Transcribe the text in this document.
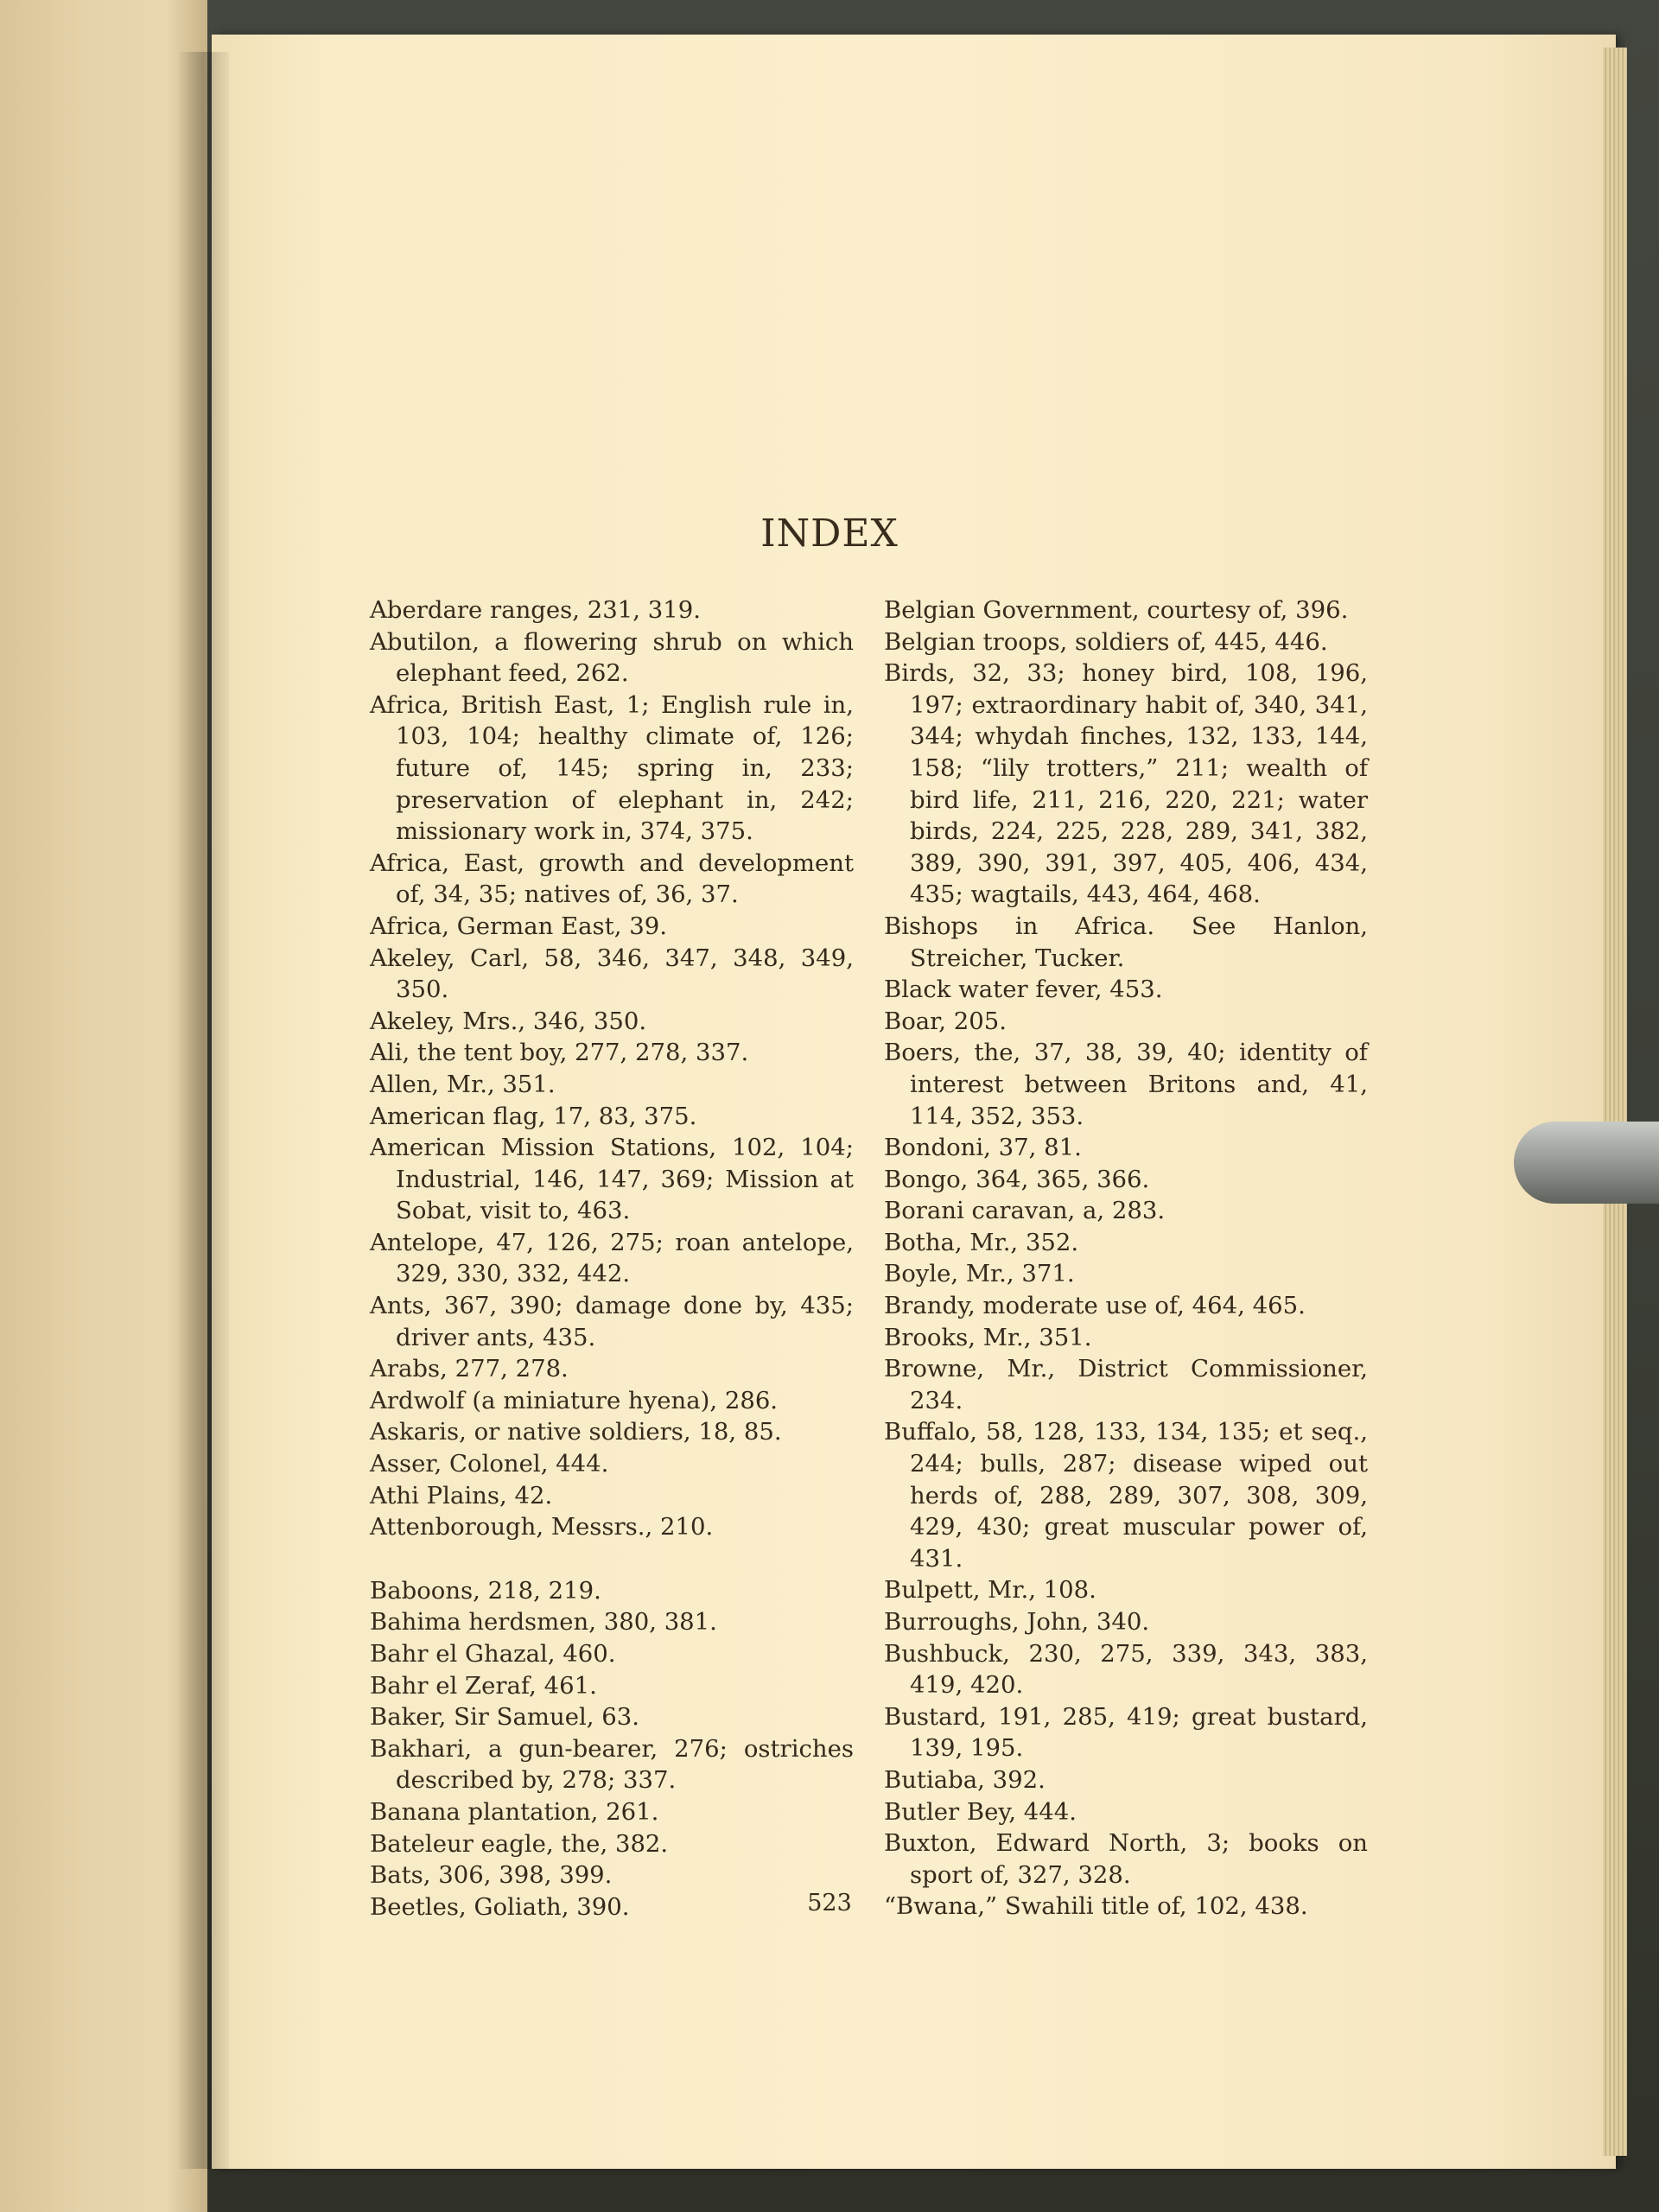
INDEX

Aberdare ranges, 231, 319.

Abutilon, a flowering shrub on which elephant feed, 262.

Africa, British East, 1; English rule in, 103, 104; healthy climate of, 126; future of, 145; spring in, 233; preservation of elephant in, 242; missionary work in, 374, 375.

Africa, East, growth and development of, 34, 35; natives of, 36, 37.

Africa, German East, 39.

Akeley, Carl, 58, 346, 347, 348, 349, 350.

Akeley, Mrs., 346, 350.

Ali, the tent boy, 277, 278, 337.

Allen, Mr., 351.

American flag, 17, 83, 375.

American Mission Stations, 102, 104; Industrial, 146, 147, 369; Mission at Sobat, visit to, 463.

Antelope, 47, 126, 275; roan antelope, 329, 330, 332, 442.

Ants, 367, 390; damage done by, 435; driver ants, 435.

Arabs, 277, 278.

Ardwolf (a miniature hyena), 286.

Askaris, or native soldiers, 18, 85.

Asser, Colonel, 444.

Athi Plains, 42.

Attenborough, Messrs., 210.

Baboons, 218, 219.

Bahima herdsmen, 380, 381.

Bahr el Ghazal, 460.

Bahr el Zeraf, 461.

Baker, Sir Samuel, 63.

Bakhari, a gun-bearer, 276; ostriches described by, 278; 337.

Banana plantation, 261.

Bateleur eagle, the, 382.

Bats, 306, 398, 399.

Beetles, Goliath, 390.

Belgian Government, courtesy of, 396.

Belgian troops, soldiers of, 445, 446.

Birds, 32, 33; honey bird, 108, 196, 197; extraordinary habit of, 340, 341, 344; whydah finches, 132, 133, 144, 158; “lily trotters,” 211; wealth of bird life, 211, 216, 220, 221; water birds, 224, 225, 228, 289, 341, 382, 389, 390, 391, 397, 405, 406, 434, 435; wagtails, 443, 464, 468.

Bishops in Africa. See Hanlon, Streicher, Tucker.

Black water fever, 453.

Boar, 205.

Boers, the, 37, 38, 39, 40; identity of interest between Britons and, 41, 114, 352, 353.

Bondoni, 37, 81.

Bongo, 364, 365, 366.

Borani caravan, a, 283.

Botha, Mr., 352.

Boyle, Mr., 371.

Brandy, moderate use of, 464, 465.

Brooks, Mr., 351.

Browne, Mr., District Commissioner, 234.

Buffalo, 58, 128, 133, 134, 135; et seq., 244; bulls, 287; disease wiped out herds of, 288, 289, 307, 308, 309, 429, 430; great muscular power of, 431.

Bulpett, Mr., 108.

Burroughs, John, 340.

Bushbuck, 230, 275, 339, 343, 383, 419, 420.

Bustard, 191, 285, 419; great bustard, 139, 195.

Butiaba, 392.

Butler Bey, 444.

Buxton, Edward North, 3; books on sport of, 327, 328.

“Bwana,” Swahili title of, 102, 438.

523
